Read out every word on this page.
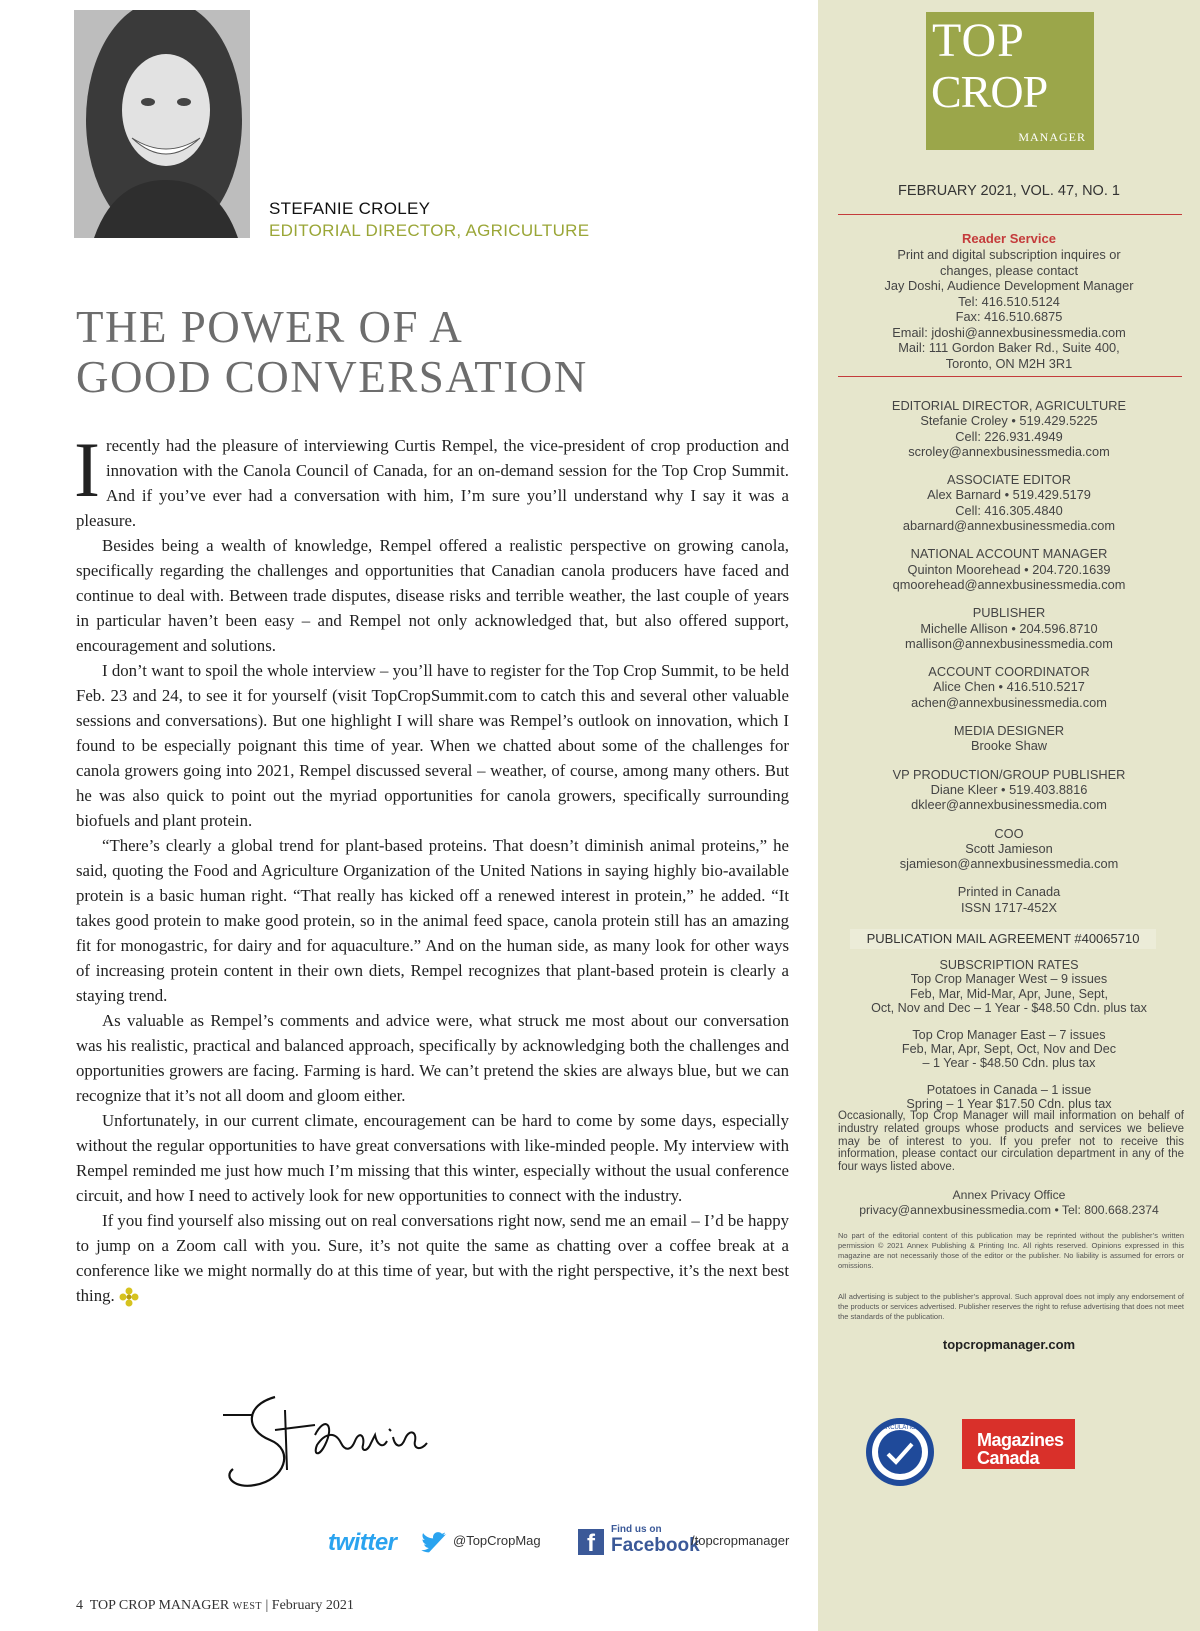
STEFANIE CROLEY
EDITORIAL DIRECTOR, AGRICULTURE
THE POWER OF A
GOOD CONVERSATION

I recently had the pleasure of interviewing Curtis Rempel, the vice-president of crop production and innovation with the Canola Council of Canada, for an on-demand session for the Top Crop Summit. And if you’ve ever had a conversation with him, I’m sure you’ll understand why I say it was a pleasure.

Besides being a wealth of knowledge, Rempel offered a realistic perspective on growing canola, specifically regarding the challenges and opportunities that Canadian canola producers have faced and continue to deal with. Between trade disputes, disease risks and terrible weather, the last couple of years in particular haven’t been easy – and Rempel not only acknowledged that, but also offered support, encouragement and solutions.

I don’t want to spoil the whole interview – you’ll have to register for the Top Crop Summit, to be held Feb. 23 and 24, to see it for yourself (visit TopCropSummit.com to catch this and several other valuable sessions and conversations). But one highlight I will share was Rempel’s outlook on innovation, which I found to be especially poignant this time of year. When we chatted about some of the challenges for canola growers going into 2021, Rempel discussed several – weather, of course, among many others. But he was also quick to point out the myriad opportunities for canola growers, specifically surrounding biofuels and plant protein.

“There’s clearly a global trend for plant-based proteins. That doesn’t diminish animal proteins,” he said, quoting the Food and Agriculture Organization of the United Nations in saying highly bio-available protein is a basic human right. “That really has kicked off a renewed interest in protein,” he added. “It takes good protein to make good protein, so in the animal feed space, canola protein still has an amazing fit for monogastric, for dairy and for aquaculture.” And on the human side, as many look for other ways of increasing protein content in their own diets, Rempel recognizes that plant-based protein is clearly a staying trend.

As valuable as Rempel’s comments and advice were, what struck me most about our conversation was his realistic, practical and balanced approach, specifically by acknowledging both the challenges and opportunities growers are facing. Farming is hard. We can’t pretend the skies are always blue, but we can recognize that it’s not all doom and gloom either.

Unfortunately, in our current climate, encouragement can be hard to come by some days, especially without the regular opportunities to have great conversations with like-minded people. My interview with Rempel reminded me just how much I’m missing that this winter, especially without the usual conference circuit, and how I need to actively look for new opportunities to connect with the industry.

If you find yourself also missing out on real conversations right now, send me an email – I’d be happy to jump on a Zoom call with you. Sure, it’s not quite the same as chatting over a coffee break at a conference like we might normally do at this time of year, but with the right perspective, it’s the next best thing.

twitter	@TopCropMag	f
Find us on
Facebook
/topcropmanager
4 TOP CROP MANAGER WEST | February 2021
TOP
CROP
MANAGER
FEBRUARY 2021, VOL. 47, NO. 1
Reader Service
Print and digital subscription inquires or
changes, please contact
Jay Doshi, Audience Development Manager
Tel: 416.510.5124
Fax: 416.510.6875
Email: jdoshi@annexbusinessmedia.com
Mail: 111 Gordon Baker Rd., Suite 400,
Toronto, ON M2H 3R1
EDITORIAL DIRECTOR, AGRICULTURE
Stefanie Croley • 519.429.5225
Cell: 226.931.4949
scroley@annexbusinessmedia.com
ASSOCIATE EDITOR
Alex Barnard • 519.429.5179
Cell: 416.305.4840
abarnard@annexbusinessmedia.com
NATIONAL ACCOUNT MANAGER
Quinton Moorehead • 204.720.1639
qmoorehead@annexbusinessmedia.com
PUBLISHER
Michelle Allison • 204.596.8710
mallison@annexbusinessmedia.com
ACCOUNT COORDINATOR
Alice Chen • 416.510.5217
achen@annexbusinessmedia.com
MEDIA DESIGNER
Brooke Shaw
VP PRODUCTION/GROUP PUBLISHER
Diane Kleer • 519.403.8816
dkleer@annexbusinessmedia.com
COO
Scott Jamieson
sjamieson@annexbusinessmedia.com
Printed in Canada
ISSN 1717-452X
PUBLICATION MAIL AGREEMENT #40065710
SUBSCRIPTION RATES
Top Crop Manager West – 9 issues
Feb, Mar, Mid-Mar, Apr, June, Sept,
Oct, Nov and Dec – 1 Year - $48.50 Cdn. plus tax
Top Crop Manager East – 7 issues
Feb, Mar, Apr, Sept, Oct, Nov and Dec
– 1 Year - $48.50 Cdn. plus tax
Potatoes in Canada – 1 issue
Spring – 1 Year $17.50 Cdn. plus tax
Occasionally, Top Crop Manager will mail information on behalf of industry related groups whose products and services we believe may be of interest to you. If you prefer not to receive this information, please contact our circulation department in any of the four ways listed above.
Annex Privacy Office
privacy@annexbusinessmedia.com • Tel: 800.668.2374
No part of the editorial content of this publication may be reprinted without the publisher’s written permission © 2021 Annex Publishing & Printing Inc. All rights reserved. Opinions expressed in this magazine are not necessarily those of the editor or the publisher. No liability is assumed for errors or omissions.
All advertising is subject to the publisher’s approval. Such approval does not imply any endorsement of the products or services advertised. Publisher reserves the right to refuse advertising that does not meet the standards of the publication.
topcropmanager.com
CIRCULATION
Magazines
Canada
